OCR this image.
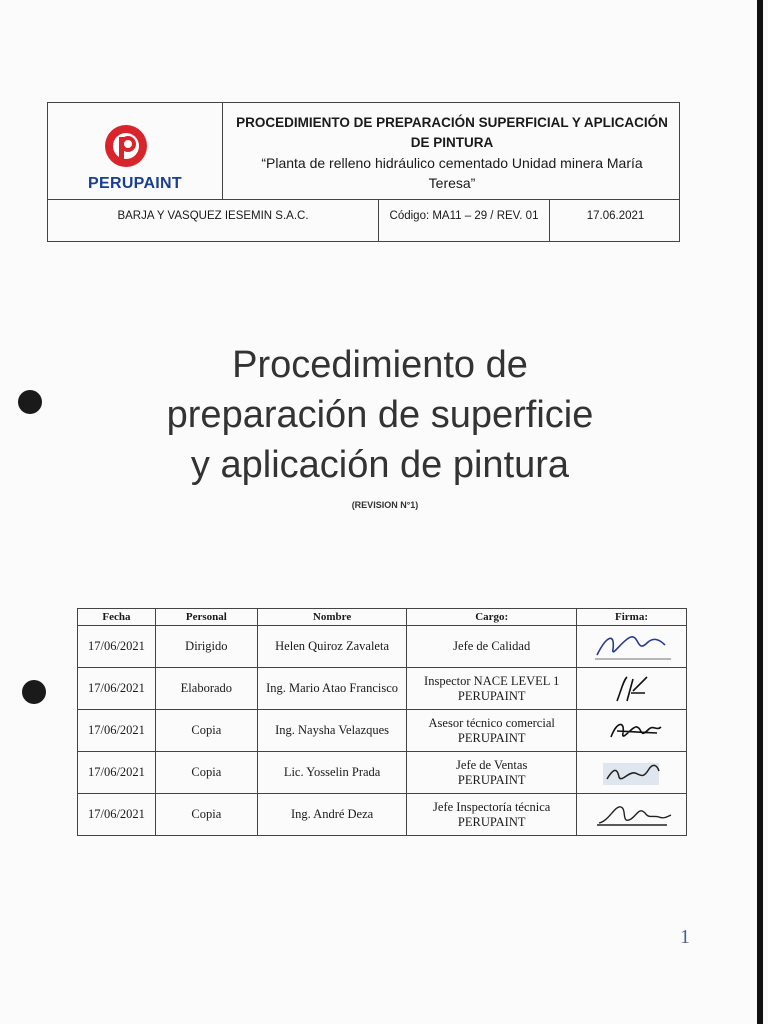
PERUPAINT
PROCEDIMIENTO DE PREPARACIÓN SUPERFICIAL Y APLICACIÓN
DE PINTURA
“Planta de relleno hidráulico cementado Unidad minera María
Teresa”
BARJA Y VASQUEZ IESEMIN S.A.C.	Código: MA11 – 29 / REV. 01	17.06.2021
Procedimiento de
preparación de superficie
y aplicación de pintura
(REVISION N°1)
Fecha	Personal	Nombre	Cargo:	Firma:
17/06/2021	Dirigido	Helen Quiroz Zavaleta	Jefe de Calidad

17/06/2021	Elaborado	Ing. Mario Atao Francisco	Inspector NACE LEVEL 1
PERUPAINT

17/06/2021	Copia	Ing. Naysha Velazques	Asesor técnico comercial
PERUPAINT

17/06/2021	Copia	Lic. Yosselin Prada	Jefe de Ventas
PERUPAINT

17/06/2021	Copia	Ing. André Deza	Jefe Inspectoría técnica
PERUPAINT

1
